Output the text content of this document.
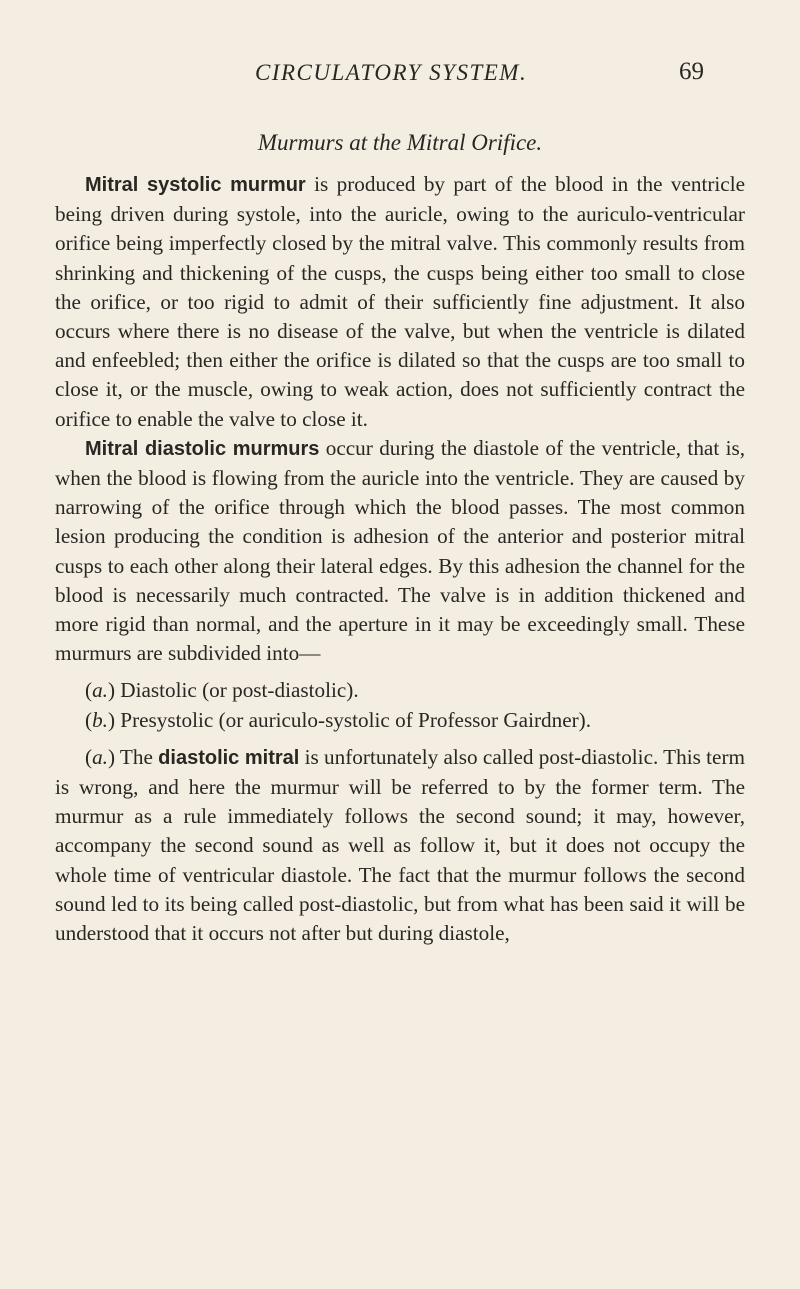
CIRCULATORY SYSTEM.	69
Murmurs at the Mitral Orifice.

Mitral systolic murmur is produced by part of the blood in the ventricle being driven during systole, into the auricle, owing to the auriculo-ventricular orifice being imperfectly closed by the mitral valve. This commonly results from shrinking and thickening of the cusps, the cusps being either too small to close the orifice, or too rigid to admit of their sufficiently fine adjustment. It also occurs where there is no disease of the valve, but when the ventricle is dilated and enfeebled; then either the orifice is dilated so that the cusps are too small to close it, or the muscle, owing to weak action, does not sufficiently contract the orifice to enable the valve to close it.

Mitral diastolic murmurs occur during the diastole of the ventricle, that is, when the blood is flowing from the auricle into the ventricle. They are caused by narrowing of the orifice through which the blood passes. The most common lesion producing the condition is adhesion of the anterior and posterior mitral cusps to each other along their lateral edges. By this adhesion the channel for the blood is necessarily much contracted. The valve is in addition thickened and more rigid than normal, and the aperture in it may be exceedingly small. These murmurs are subdivided into—

(a.) Diastolic (or post-diastolic).

(b.) Presystolic (or auriculo-systolic of Professor Gairdner).

(a.) The diastolic mitral is unfortunately also called post-diastolic. This term is wrong, and here the murmur will be referred to by the former term. The murmur as a rule immediately follows the second sound; it may, however, accompany the second sound as well as follow it, but it does not occupy the whole time of ventricular diastole. The fact that the murmur follows the second sound led to its being called post-diastolic, but from what has been said it will be understood that it occurs not after but during diastole,
